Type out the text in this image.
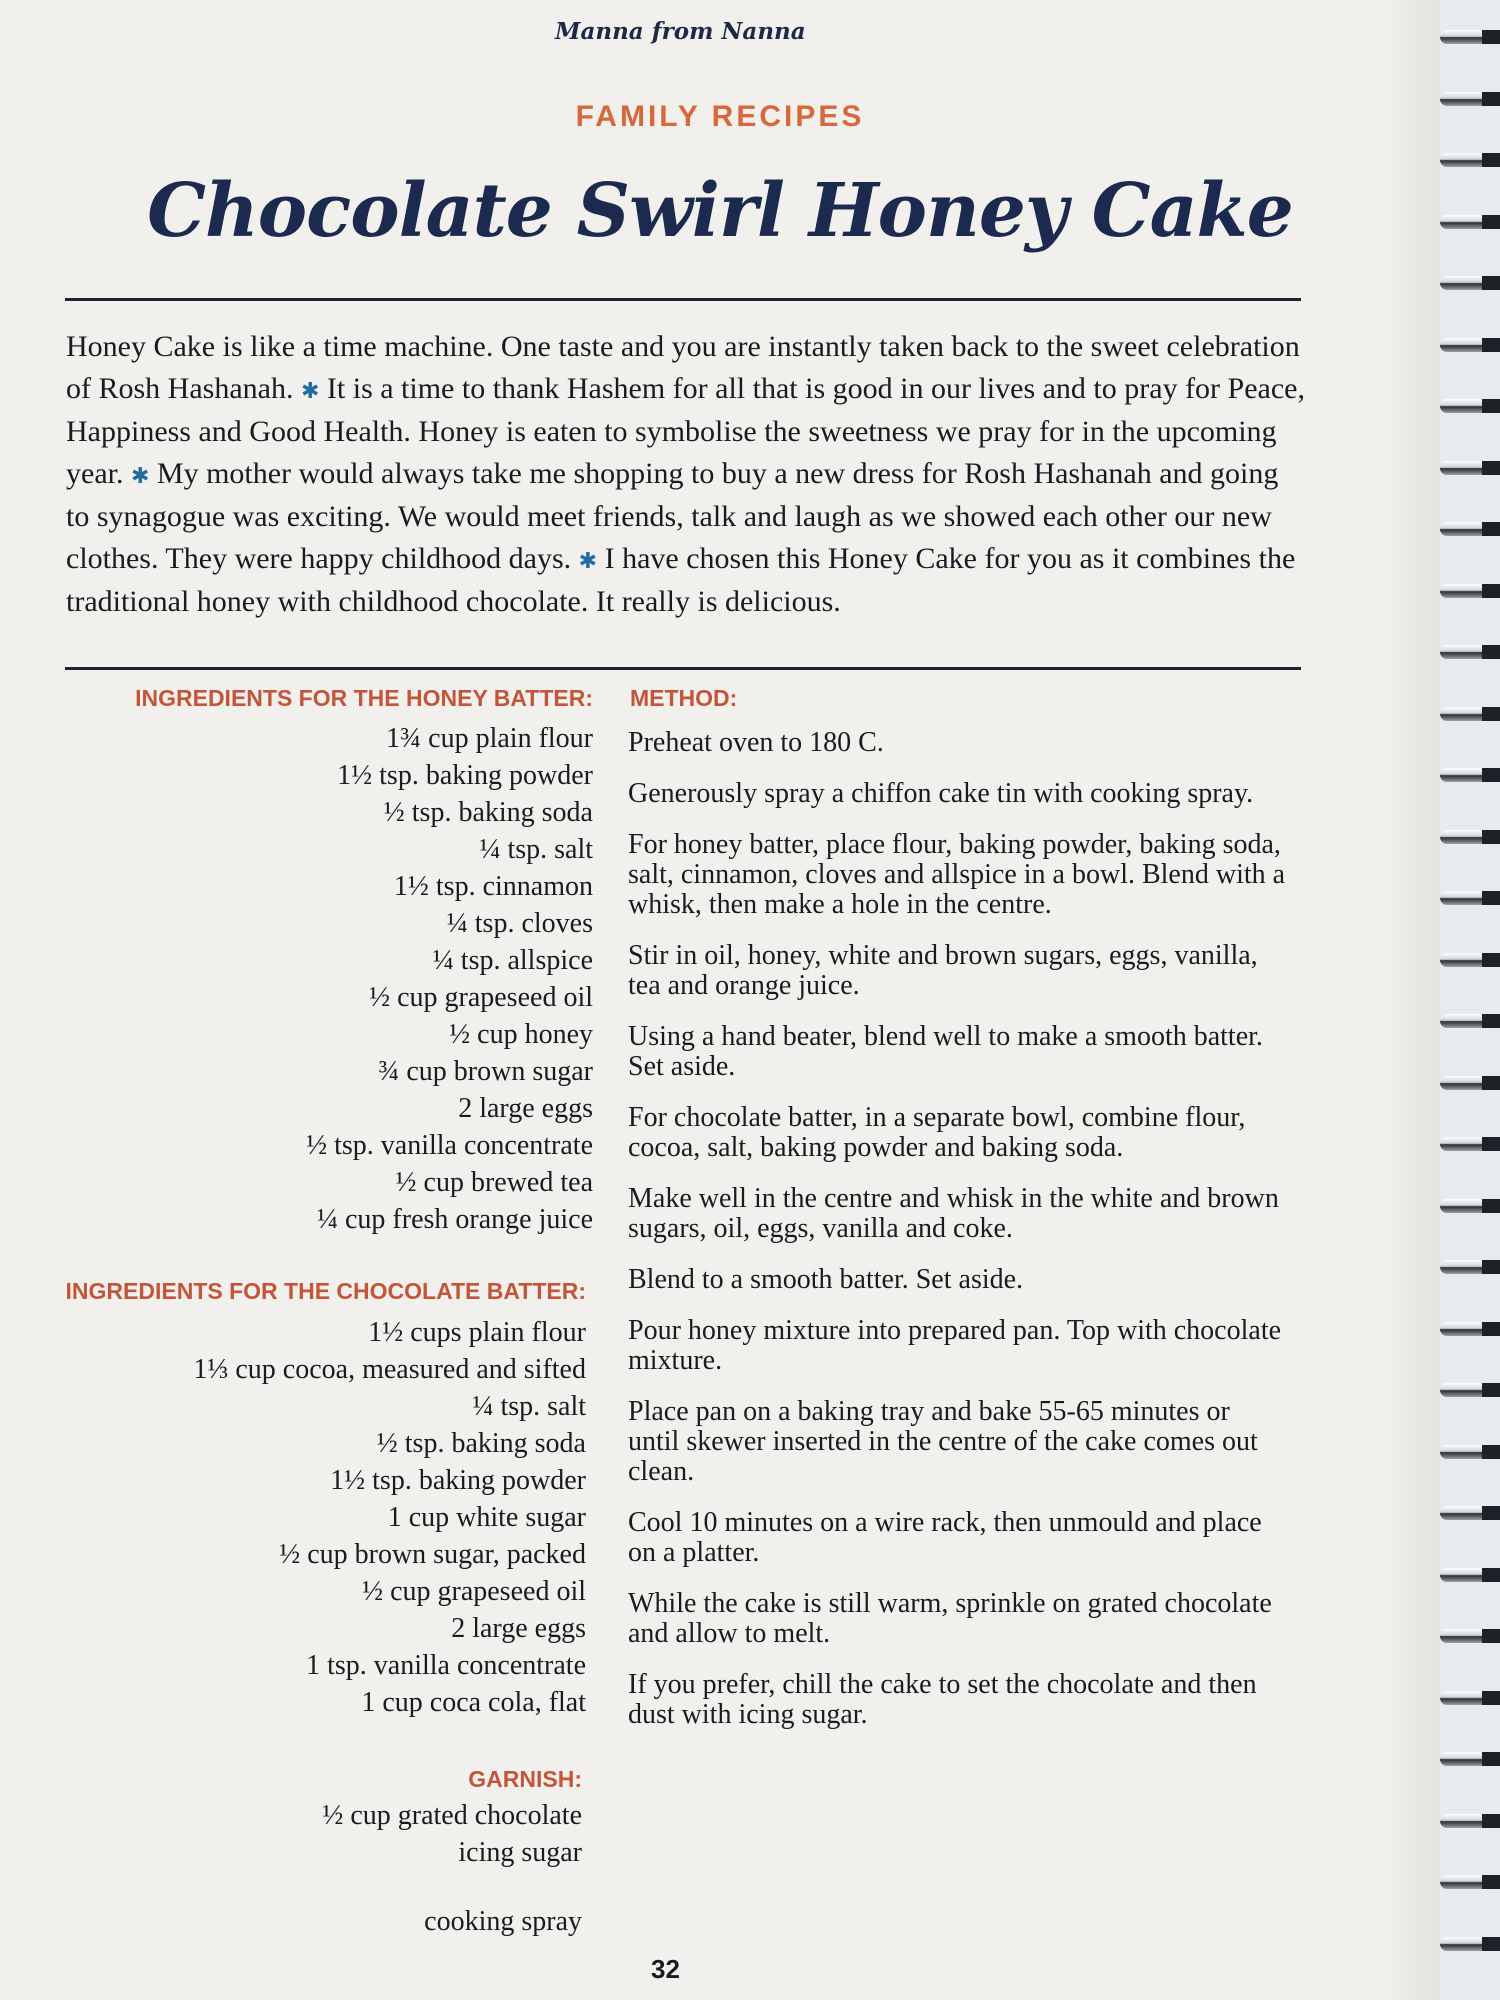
Manna from Nanna
FAMILY RECIPES
Chocolate Swirl Honey Cake
Honey Cake is like a time machine. One taste and you are instantly taken back to the sweet celebration of Rosh Hashanah. ✱ It is a time to thank Hashem for all that is good in our lives and to pray for Peace, Happiness and Good Health. Honey is eaten to symbolise the sweetness we pray for in the upcoming year. ✱ My mother would always take me shopping to buy a new dress for Rosh Hashanah and going to synagogue was exciting. We would meet friends, talk and laugh as we showed each other our new clothes. They were happy childhood days. ✱ I have chosen this Honey Cake for you as it combines the traditional honey with childhood chocolate. It really is delicious.
INGREDIENTS FOR THE HONEY BATTER:
1¾ cup plain flour
1½ tsp. baking powder
½ tsp. baking soda
¼ tsp. salt
1½ tsp. cinnamon
¼ tsp. cloves
¼ tsp. allspice
½ cup grapeseed oil
½ cup honey
¾ cup brown sugar
2 large eggs
½ tsp. vanilla concentrate
½ cup brewed tea
¼ cup fresh orange juice
INGREDIENTS FOR THE CHOCOLATE BATTER:
1½ cups plain flour
1⅓ cup cocoa, measured and sifted
¼ tsp. salt
½ tsp. baking soda
1½ tsp. baking powder
1 cup white sugar
½ cup brown sugar, packed
½ cup grapeseed oil
2 large eggs
1 tsp. vanilla concentrate
1 cup coca cola, flat
GARNISH:
½ cup grated chocolate
icing sugar
cooking spray
METHOD:
Preheat oven to 180 C.
Generously spray a chiffon cake tin with cooking spray.
For honey batter, place flour, baking powder, baking soda, salt, cinnamon, cloves and allspice in a bowl. Blend with a whisk, then make a hole in the centre.
Stir in oil, honey, white and brown sugars, eggs, vanilla, tea and orange juice.
Using a hand beater, blend well to make a smooth batter. Set aside.
For chocolate batter, in a separate bowl, combine flour, cocoa, salt, baking powder and baking soda.
Make well in the centre and whisk in the white and brown sugars, oil, eggs, vanilla and coke.
Blend to a smooth batter. Set aside.
Pour honey mixture into prepared pan. Top with chocolate mixture.
Place pan on a baking tray and bake 55-65 minutes or until skewer inserted in the centre of the cake comes out clean.
Cool 10 minutes on a wire rack, then unmould and place on a platter.
While the cake is still warm, sprinkle on grated chocolate and allow to melt.
If you prefer, chill the cake to set the chocolate and then dust with icing sugar.
32
